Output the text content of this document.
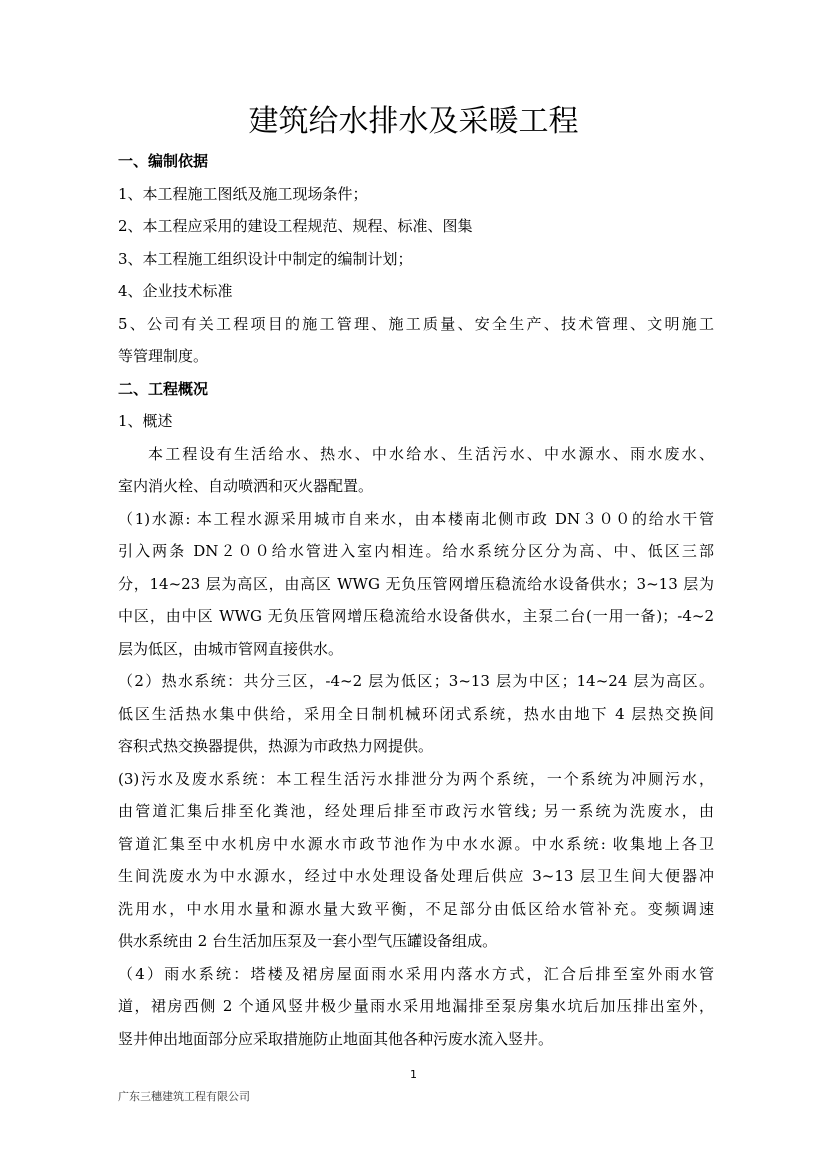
建筑给水排水及采暖工程
一、编制依据
1、本工程施工图纸及施工现场条件；
2、本工程应采用的建设工程规范、规程、标准、图集
3、本工程施工组织设计中制定的编制计划；
4、企业技术标准
5、公司有关工程项目的施工管理、施工质量、安全生产、技术管理、文明施工
等管理制度。
二、工程概况
1、概述
本工程设有生活给水、热水、中水给水、生活污水、中水源水、雨水废水、
室内消火栓、自动喷洒和灭火器配置。
（1)水源: 本工程水源采用城市自来水，由本楼南北侧市政 DN３００的给水干管
引入两条 DN２００给水管进入室内相连。给水系统分区分为高、中、低区三部
分，14~23 层为高区，由高区 WWG 无负压管网增压稳流给水设备供水；3~13 层为
中区，由中区 WWG 无负压管网增压稳流给水设备供水，主泵二台(一用一备)；-4~2
层为低区，由城市管网直接供水。
（2）热水系统：共分三区，-4~2 层为低区；3~13 层为中区；14~24 层为高区。
低区生活热水集中供给，采用全日制机械环闭式系统，热水由地下 4 层热交换间
容积式热交换器提供，热源为市政热力网提供。
(3)污水及废水系统：本工程生活污水排泄分为两个系统，一个系统为冲厕污水，
由管道汇集后排至化粪池，经处理后排至市政污水管线; 另一系统为洗废水，由
管道汇集至中水机房中水源水市政节池作为中水水源。中水系统: 收集地上各卫
生间洗废水为中水源水，经过中水处理设备处理后供应 3~13 层卫生间大便器冲
洗用水，中水用水量和源水量大致平衡，不足部分由低区给水管补充。变频调速
供水系统由 2 台生活加压泵及一套小型气压罐设备组成。
（4）雨水系统：塔楼及裙房屋面雨水采用内落水方式，汇合后排至室外雨水管
道，裙房西侧 2 个通风竖井极少量雨水采用地漏排至泵房集水坑后加压排出室外，
竖井伸出地面部分应采取措施防止地面其他各种污废水流入竖井。
1
广东三穗建筑工程有限公司
